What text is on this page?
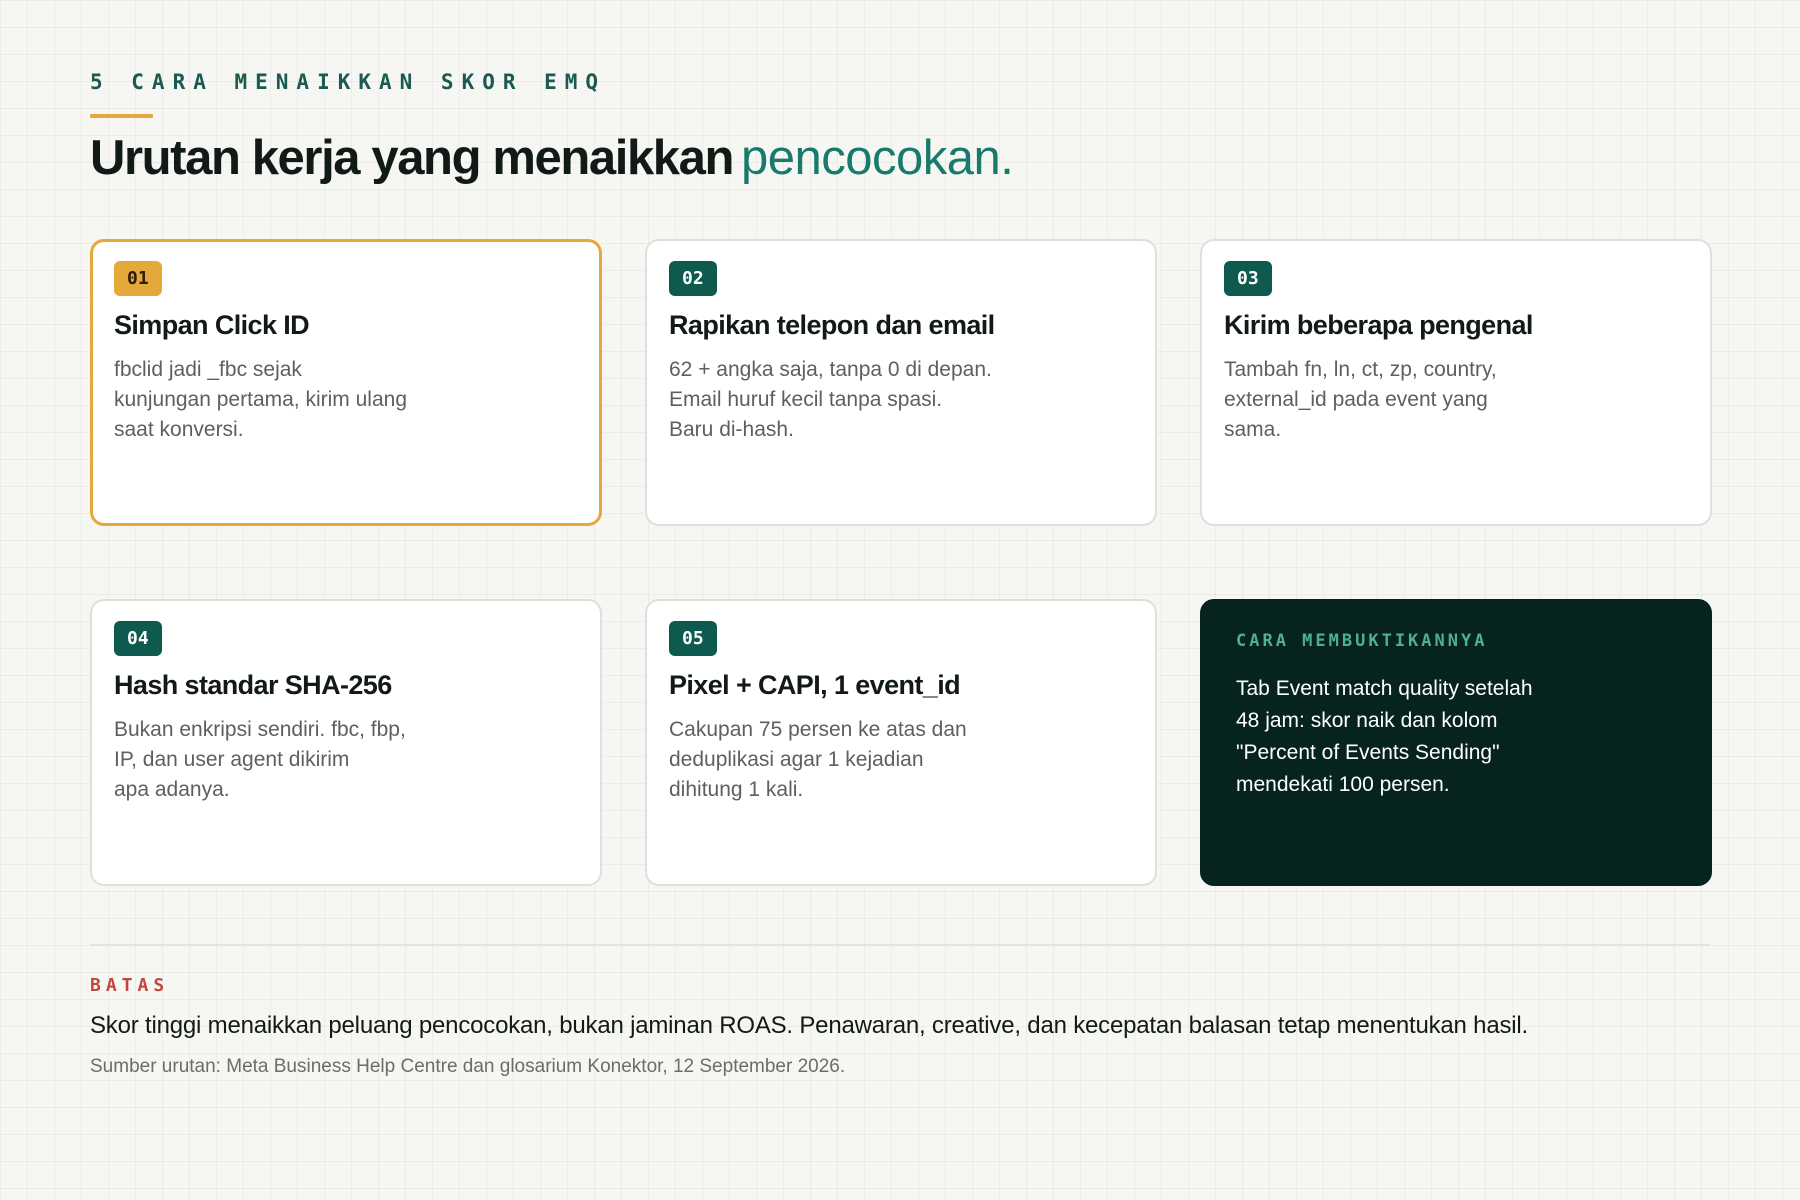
5 CARA MENAIKKAN SKOR EMQ
Urutan kerja yang menaikkan pencocokan.
01
Simpan Click ID
fbclid jadi _fbc sejak
kunjungan pertama, kirim ulang
saat konversi.
02
Rapikan telepon dan email
62 + angka saja, tanpa 0 di depan.
Email huruf kecil tanpa spasi.
Baru di-hash.
03
Kirim beberapa pengenal
Tambah fn, ln, ct, zp, country,
external_id pada event yang
sama.
04
Hash standar SHA-256
Bukan enkripsi sendiri. fbc, fbp,
IP, dan user agent dikirim
apa adanya.
05
Pixel + CAPI, 1 event_id
Cakupan 75 persen ke atas dan
deduplikasi agar 1 kejadian
dihitung 1 kali.
CARA MEMBUKTIKANNYA
Tab Event match quality setelah
48 jam: skor naik dan kolom
"Percent of Events Sending"
mendekati 100 persen.
BATAS
Skor tinggi menaikkan peluang pencocokan, bukan jaminan ROAS. Penawaran, creative, dan kecepatan balasan tetap menentukan hasil.
Sumber urutan: Meta Business Help Centre dan glosarium Konektor, 12 September 2026.
